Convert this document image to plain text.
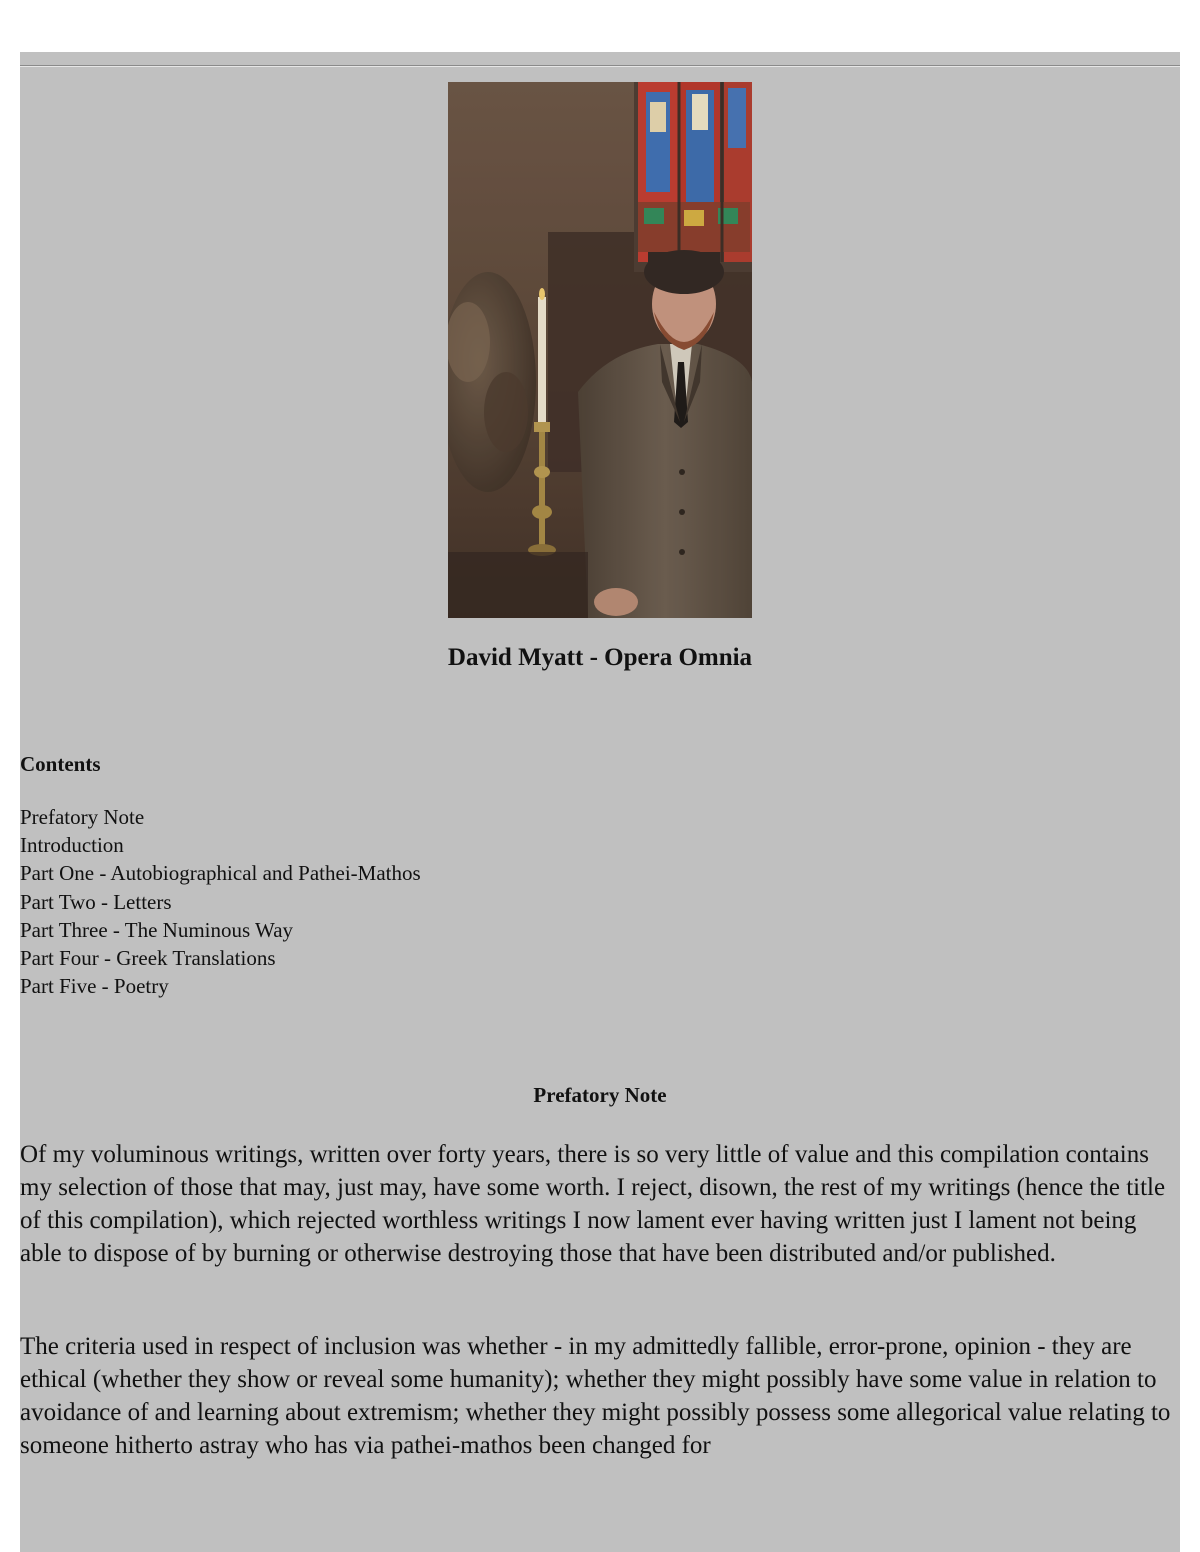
David Myatt - Opera Omnia
Contents
Prefatory Note
Introduction
Part One - Autobiographical and Pathei-Mathos
Part Two - Letters
Part Three - The Numinous Way
Part Four - Greek Translations
Part Five - Poetry
Prefatory Note

Of my voluminous writings, written over forty years, there is so very little of value and this compilation contains my selection of those that may, just may, have some worth. I reject, disown, the rest of my writings (hence the title of this compilation), which rejected worthless writings I now lament ever having written just I lament not being able to dispose of by burning or otherwise destroying those that have been distributed and/or published.

The criteria used in respect of inclusion was whether - in my admittedly fallible, error-prone, opinion - they are ethical (whether they show or reveal some humanity); whether they might possibly have some value in relation to avoidance of and learning about extremism; whether they might possibly possess some allegorical value relating to someone hitherto astray who has via pathei-mathos been changed for
